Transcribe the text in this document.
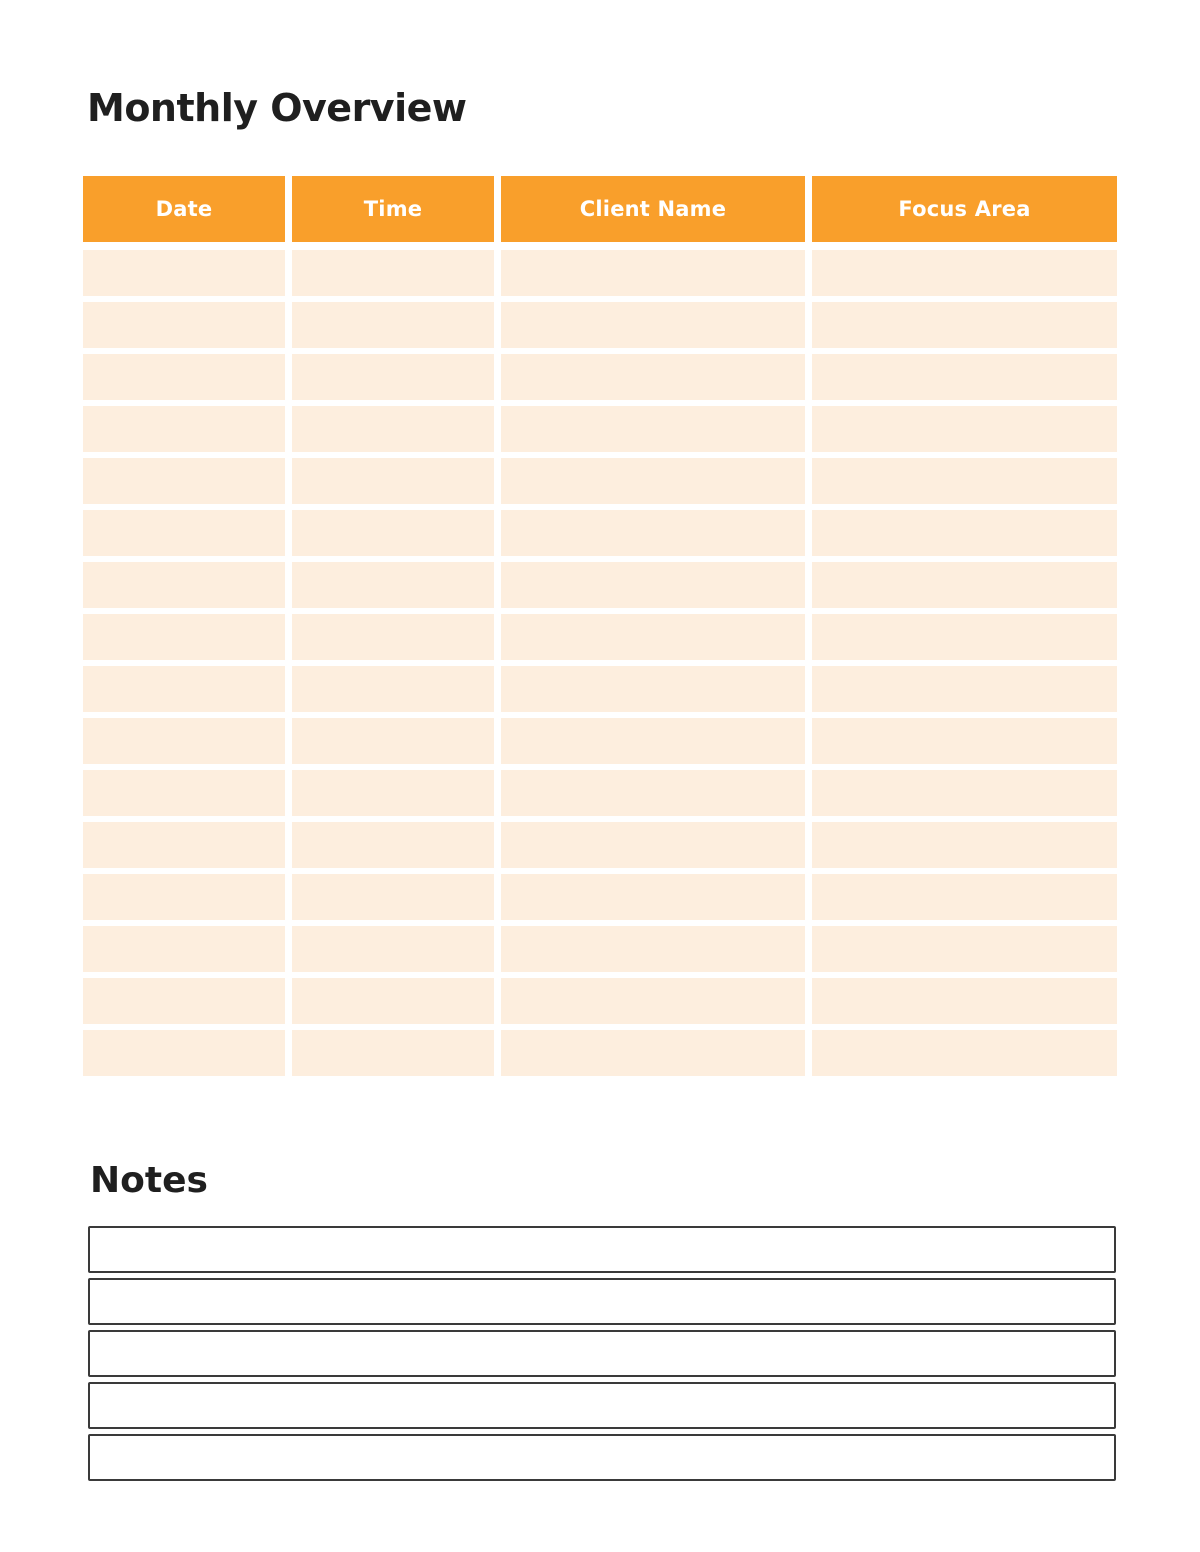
Monthly Overview
Date	Time	Client Name	Focus Area
Notes
